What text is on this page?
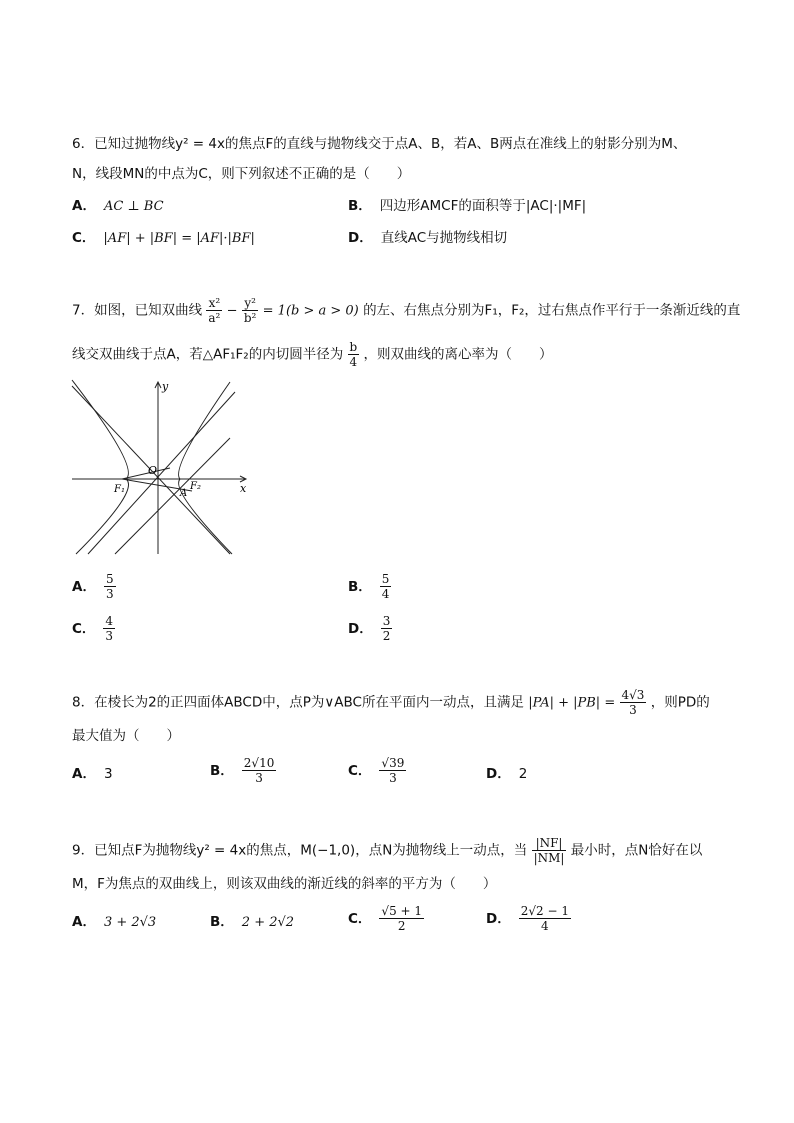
6．已知过抛物线y² = 4x的焦点F的直线与抛物线交于点A、B，若A、B两点在准线上的射影分别为M、
N，线段MN的中点为C，则下列叙述不正确的是（　　）
A． AC ⊥ BC	B． 四边形AMCF的面积等于|AC|·|MF|
C． |AF| + |BF| = |AF|·|BF|	D． 直线AC与抛物线相切
7．如图，已知双曲线 $\frac{\text{x²}}{\text{a²}} - \frac{\text{y²}}{\text{b²}} = 1(b > a > 0)$ 的左、右焦点分别为F₁，F₂，过右焦点作平行于一条渐近线的直
线交双曲线于点A，若△AF₁F₂的内切圆半径为 $\frac{b}{4}$ ，则双曲线的离心率为（　　）
y
x
O
F₁	F₂
A
A． $\frac{5}{3}$	B． $\frac{5}{4}$
C． $\frac{4}{3}$	D． $\frac{3}{2}$
8．在棱长为2的正四面体ABCD中，点P为∨ABC所在平面内一动点，且满足 $|PA| + |PB| = \frac{4√3}{3}$ ，则PD的
最大值为（　　）
A． 3	B． $\frac{2√10}{3}$	C． $\frac{√39}{3}$	D． 2
9．已知点F为抛物线y² = 4x的焦点，M(−1,0)，点N为抛物线上一动点，当 $\frac{|NF|}{|NM|}$ 最小时，点N恰好在以
M，F为焦点的双曲线上，则该双曲线的渐近线的斜率的平方为（　　）
A． 3 + 2√3	B． 2 + 2√2	C． $\frac{√5 + 1}{2}$	D． $\frac{2√2 - 1}{4}$
